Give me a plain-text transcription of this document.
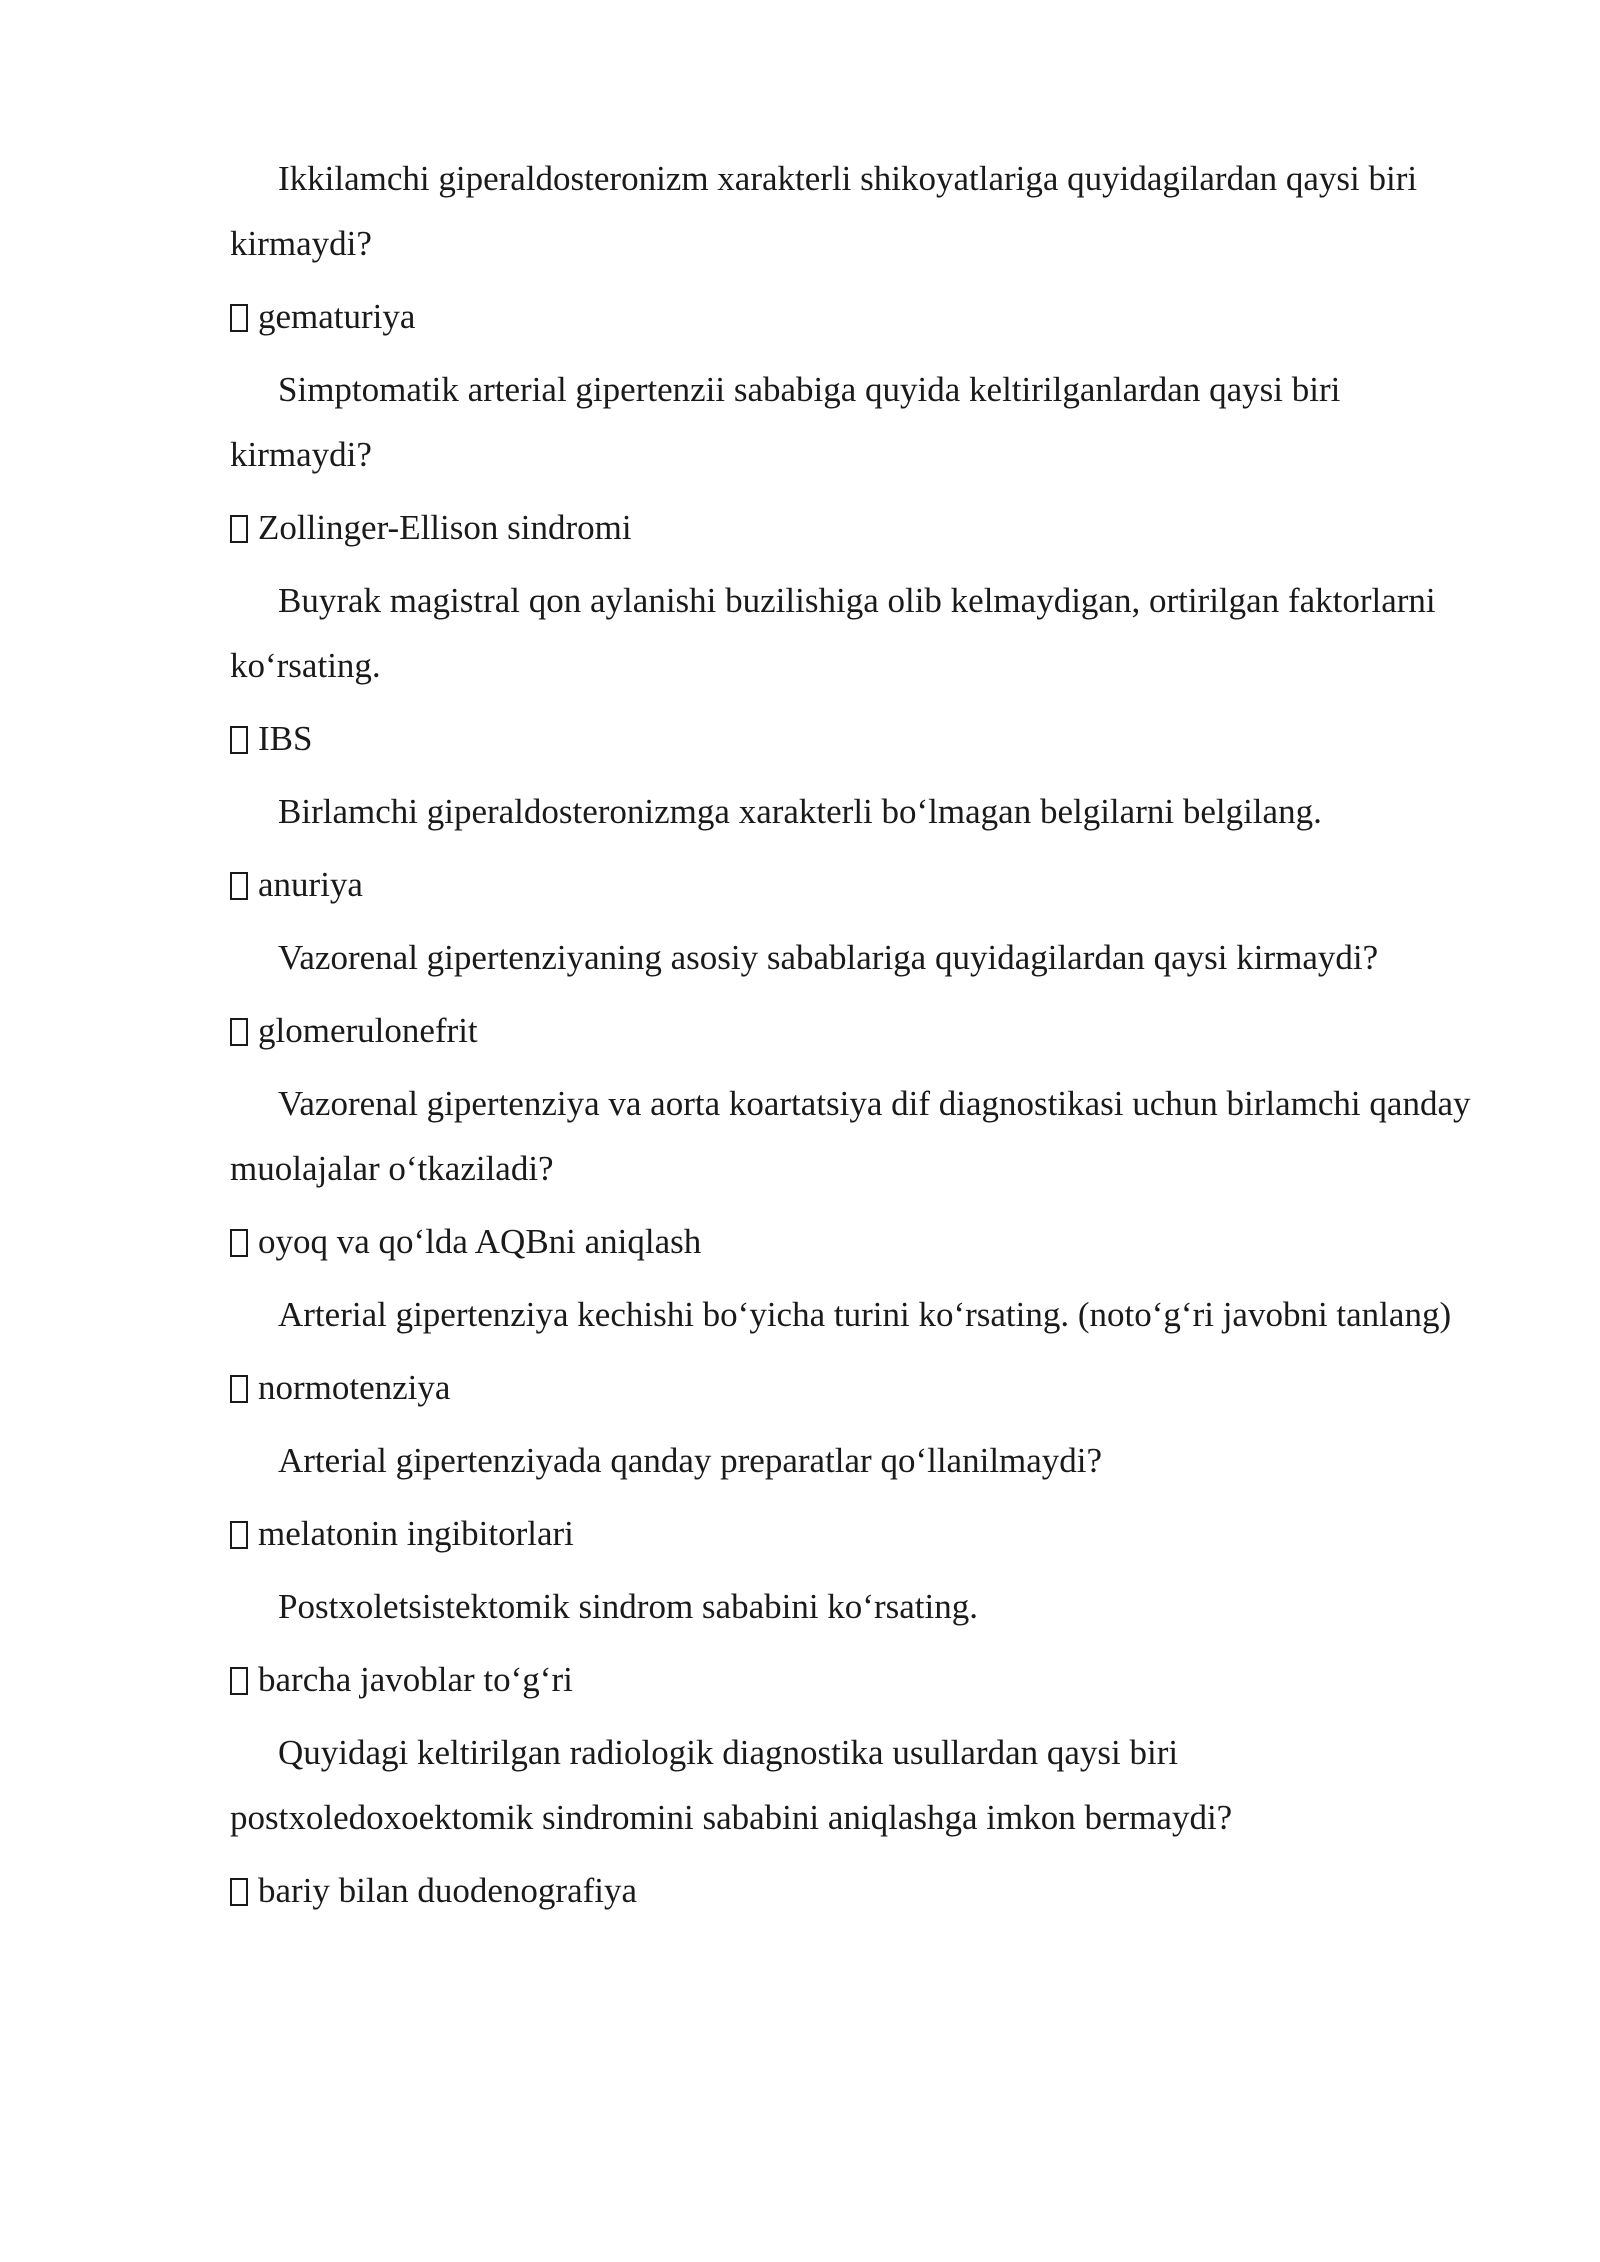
Ikkilamchi giperaldosteronizm xarakterli shikoyatlariga quyidagilardan qaysi biri kirmaydi?

gematuriya

Simptomatik arterial gipertenzii sababiga quyida keltirilganlardan qaysi biri kirmaydi?

Zollinger-Ellison sindromi

Buyrak magistral qon aylanishi buzilishiga olib kelmaydigan, ortirilgan faktorlarni ko‘rsating.

IBS

Birlamchi giperaldosteronizmga xarakterli bo‘lmagan belgilarni belgilang.

anuriya

Vazorenal gipertenziyaning asosiy sabablariga quyidagilardan qaysi kirmaydi?

glomerulonefrit

Vazorenal gipertenziya va aorta koartatsiya dif diagnostikasi uchun birlamchi qanday muolajalar o‘tkaziladi?

oyoq va qo‘lda AQBni aniqlash

Arterial gipertenziya kechishi bo‘yicha turini ko‘rsating. (noto‘g‘ri javobni tanlang)

normotenziya

Arterial gipertenziyada qanday preparatlar qo‘llanilmaydi?

melatonin ingibitorlari

Postxoletsistektomik sindrom sababini ko‘rsating.

barcha javoblar to‘g‘ri

Quyidagi keltirilgan radiologik diagnostika usullardan qaysi biri postxoledoxoektomik sindromini sababini aniqlashga imkon bermaydi?

bariy bilan duodenografiya
